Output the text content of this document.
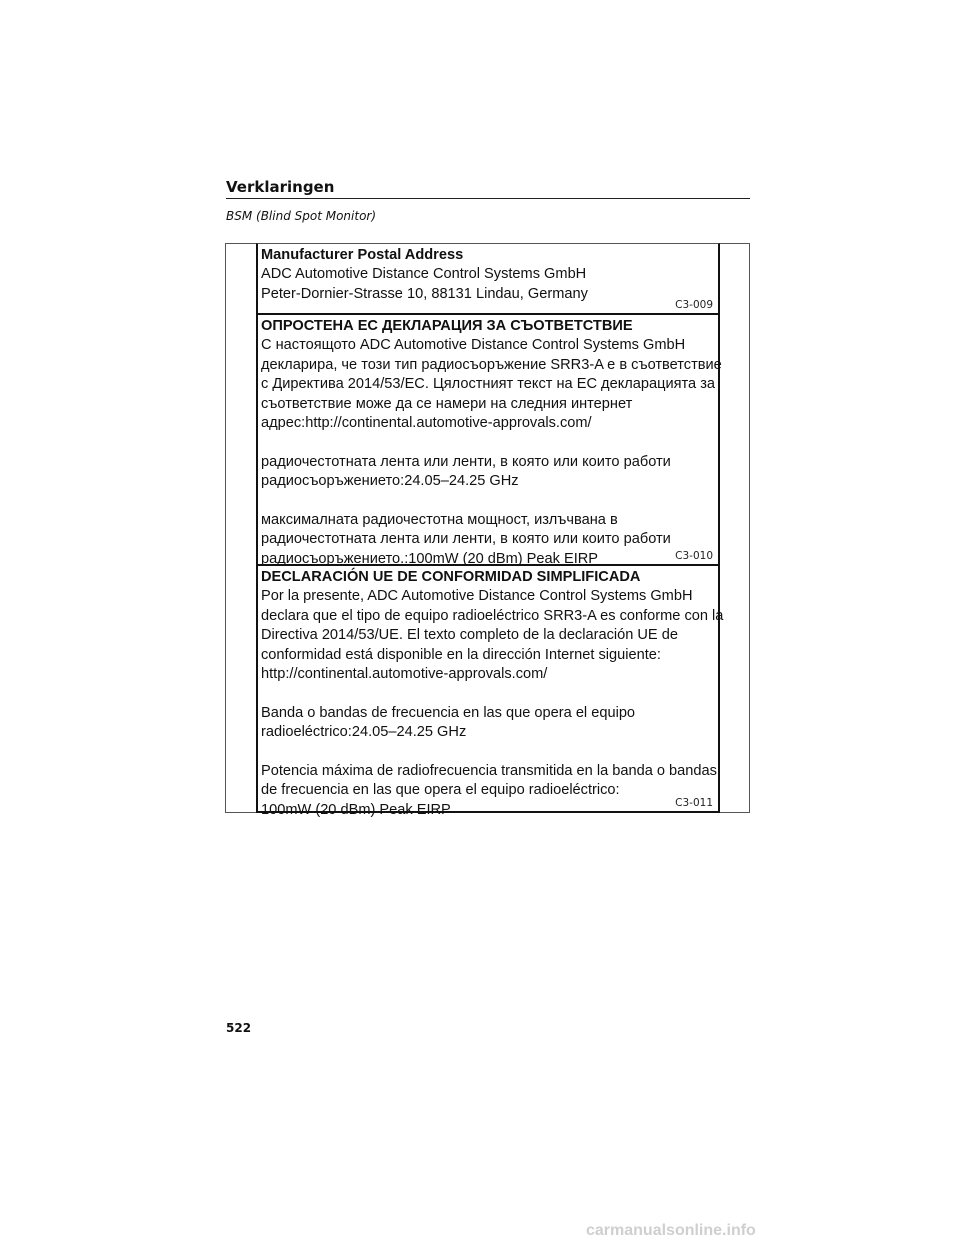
Verklaringen
BSM (Blind Spot Monitor)
Manufacturer Postal Address
ADC Automotive Distance Control Systems GmbH
Peter-Dornier-Strasse 10, 88131 Lindau, Germany
C3-009
ОПРОСТЕНА ЕС ДЕКЛАРАЦИЯ ЗА СЪОТВЕТСТВИЕ
С настоящото ADC Automotive Distance Control Systems GmbH
декларира, че този тип радиосъоръжение SRR3-A е в съответствие
с Директива 2014/53/ЕС. Цялостният текст на ЕС декларацията за
съответствие може да се намери на следния интернет
адрес:http://continental.automotive-approvals.com/
радиочестотната лента или ленти, в която или които работи
радиосъоръжението:24.05–24.25 GHz
максималната радиочестотна мощност, излъчвана в
радиочестотната лента или ленти, в която или които работи
радиосъоръжението.:100mW (20 dBm) Peak EIRP	C3-010
DECLARACIÓN UE DE CONFORMIDAD SIMPLIFICADA
Por la presente, ADC Automotive Distance Control Systems GmbH
declara que el tipo de equipo radioeléctrico SRR3-A es conforme con la
Directiva 2014/53/UE. El texto completo de la declaración UE de
conformidad está disponible en la dirección Internet siguiente:
http://continental.automotive-approvals.com/
Banda o bandas de frecuencia en las que opera el equipo
radioeléctrico:24.05–24.25 GHz
Potencia máxima de radiofrecuencia transmitida en la banda o bandas
de frecuencia en las que opera el equipo radioeléctrico:
100mW (20 dBm) Peak EIRP	C3-011
522
carmanualsonline.info
